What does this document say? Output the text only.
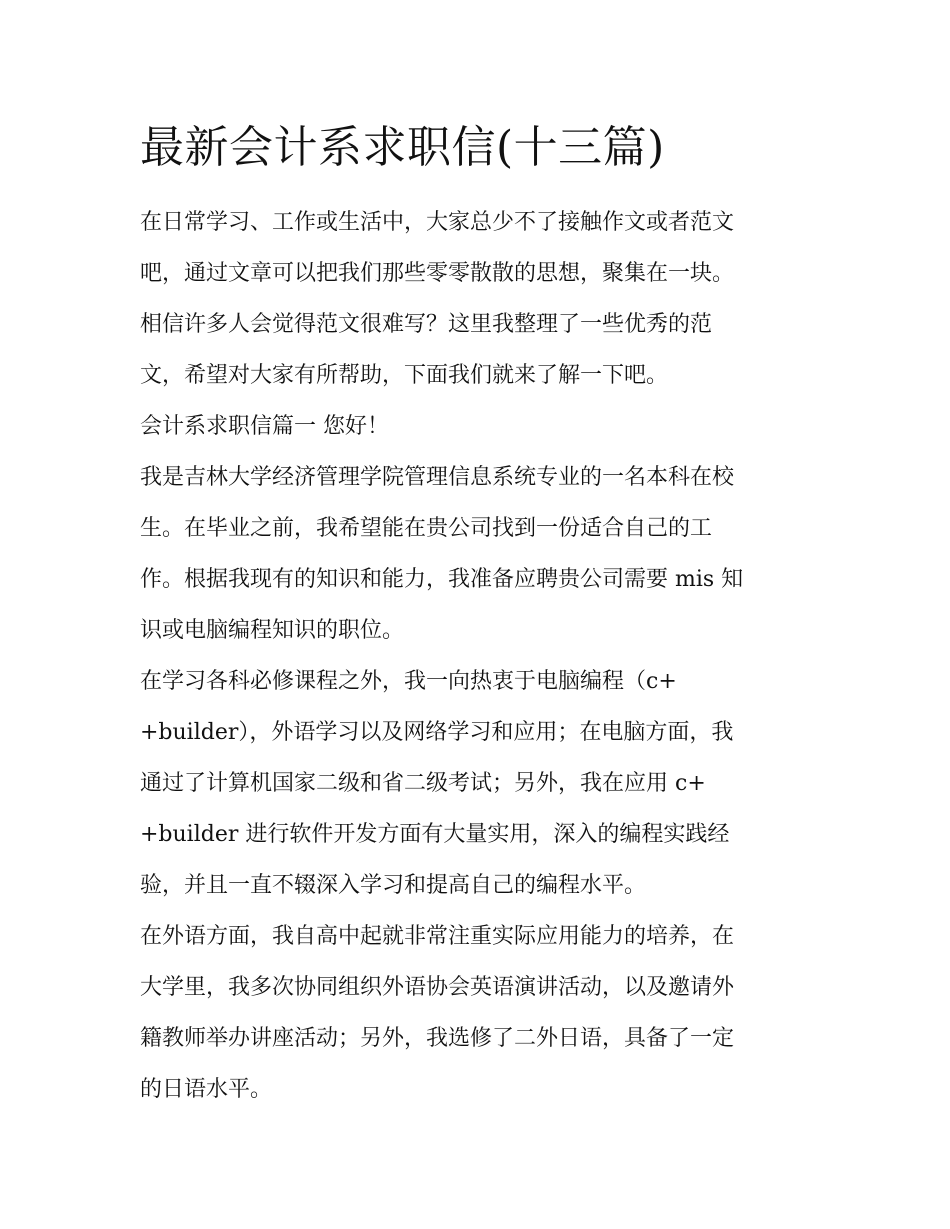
最新会计系求职信(十三篇)
在日常学习、工作或生活中，大家总少不了接触作文或者范文
吧，通过文章可以把我们那些零零散散的思想，聚集在一块。
相信许多人会觉得范文很难写？这里我整理了一些优秀的范
文，希望对大家有所帮助，下面我们就来了解一下吧。
会计系求职信篇一 您好！
我是吉林大学经济管理学院管理信息系统专业的一名本科在校
生。在毕业之前，我希望能在贵公司找到一份适合自己的工
作。根据我现有的知识和能力，我准备应聘贵公司需要 mis 知
识或电脑编程知识的职位。
在学习各科必修课程之外，我一向热衷于电脑编程（c+
+builder），外语学习以及网络学习和应用；在电脑方面，我
通过了计算机国家二级和省二级考试；另外，我在应用 c+
+builder 进行软件开发方面有大量实用，深入的编程实践经
验，并且一直不辍深入学习和提高自己的编程水平。
在外语方面，我自高中起就非常注重实际应用能力的培养，在
大学里，我多次协同组织外语协会英语演讲活动，以及邀请外
籍教师举办讲座活动；另外，我选修了二外日语，具备了一定
的日语水平。
